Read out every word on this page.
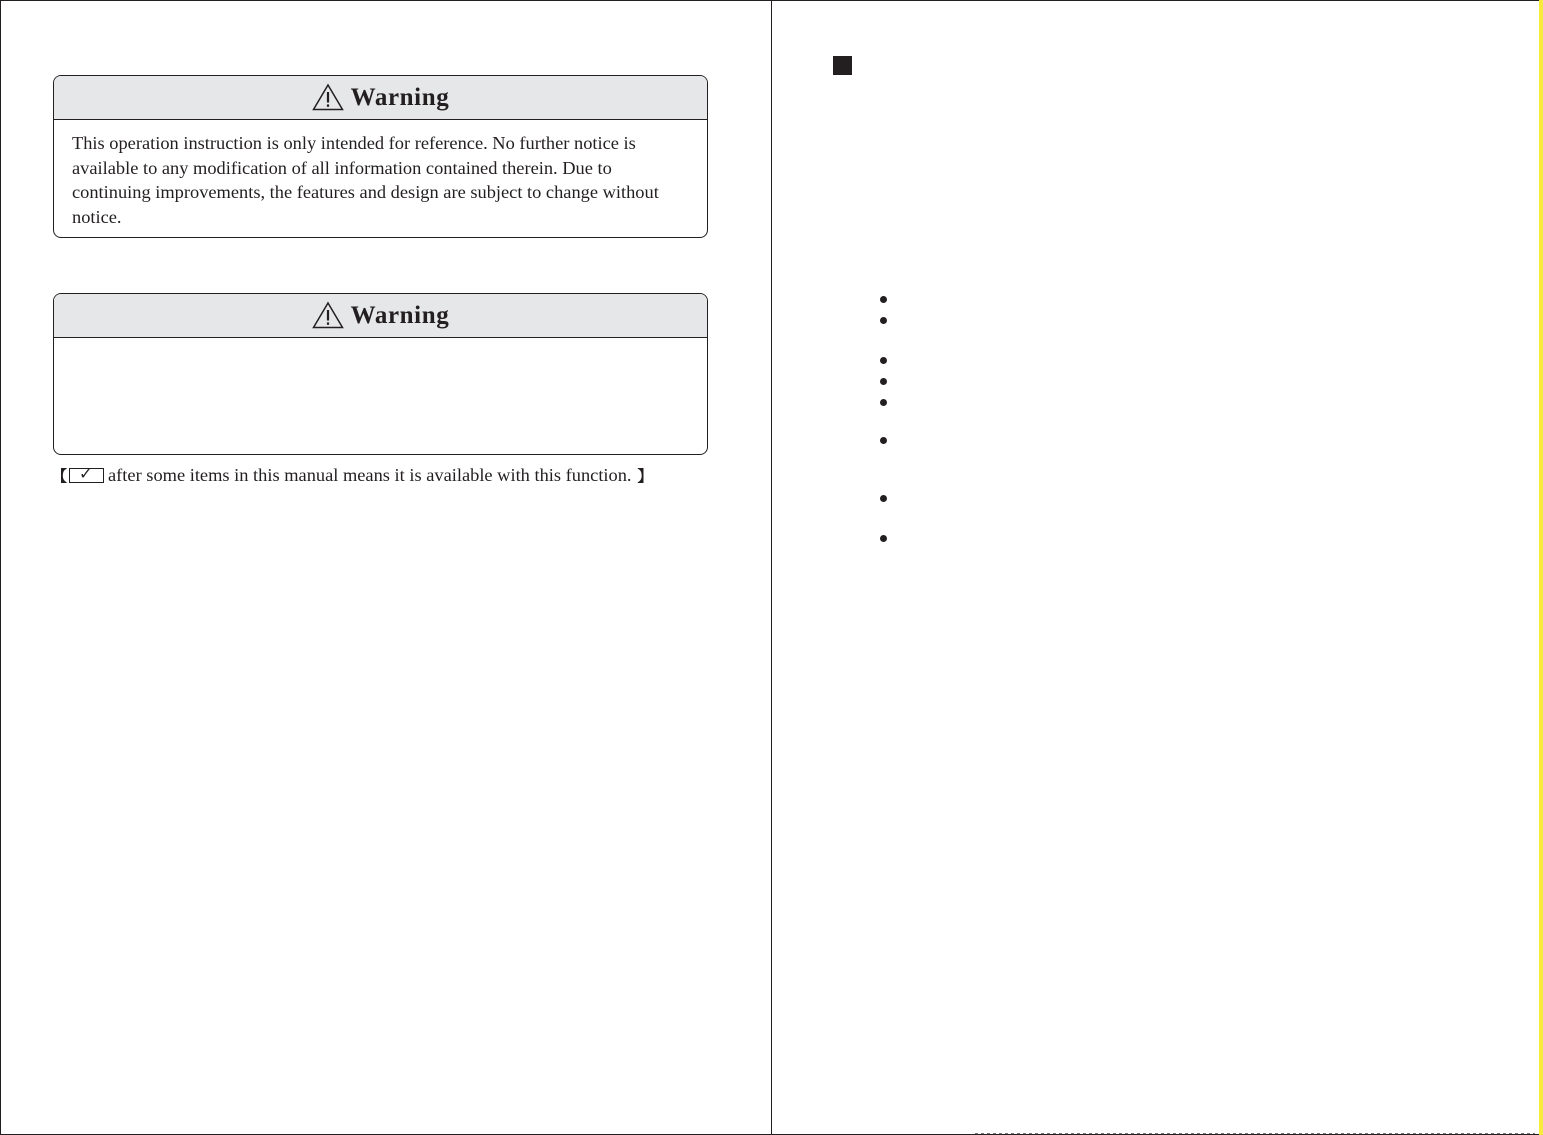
Warning
This operation instruction is only intended for reference. No further notice is available to any modification of all information contained therein. Due to continuing improvements, the features and design are subject to change without notice.
Warning
【 ✓ after some items in this manual means it is available with this function. 】
